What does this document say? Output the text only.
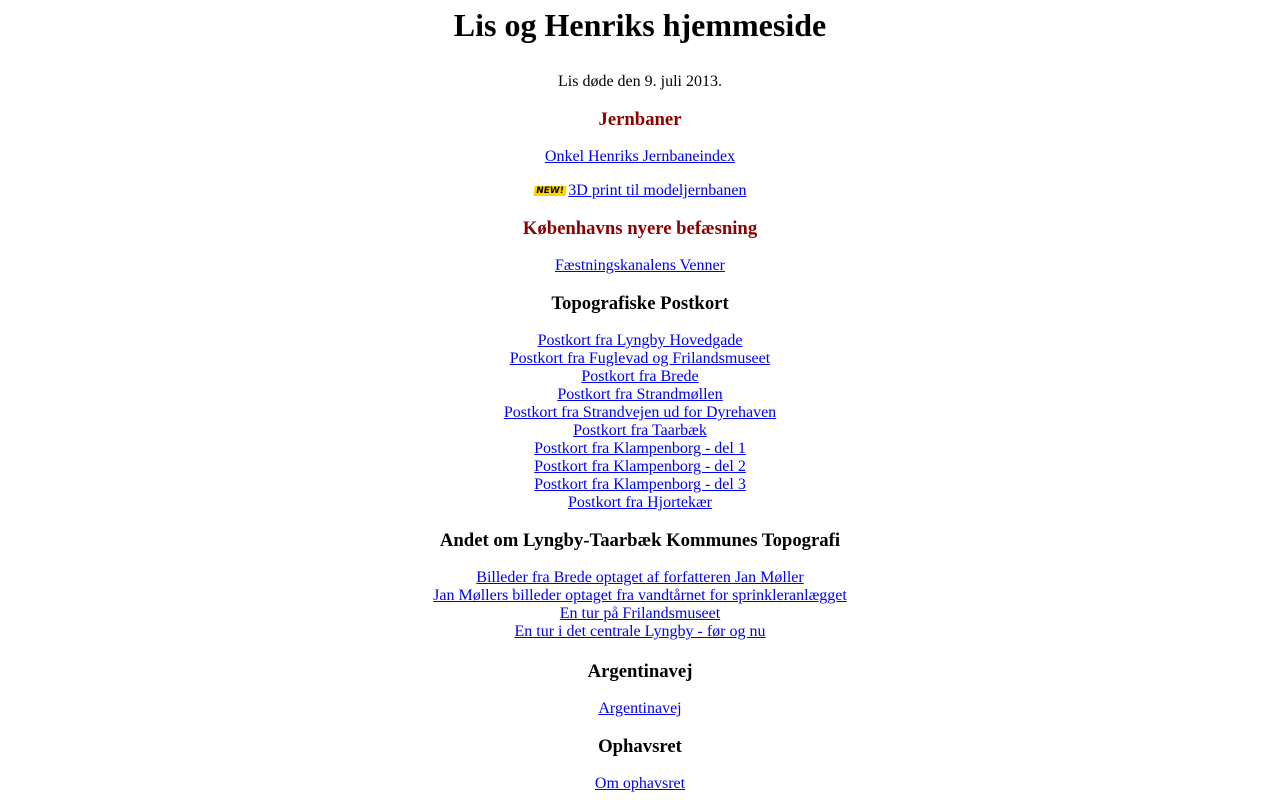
Lis og Henriks hjemmeside

Lis døde den 9. juli 2013.

Jernbaner
Onkel Henriks Jernbaneindex
NEW! 3D print til modeljernbanen
Københavns nyere befæsning
Fæstningskanalens Venner
Topografiske Postkort
Postkort fra Lyngby Hovedgade
Postkort fra Fuglevad og Frilandsmuseet
Postkort fra Brede
Postkort fra Strandmøllen
Postkort fra Strandvejen ud for Dyrehaven
Postkort fra Taarbæk
Postkort fra Klampenborg - del 1
Postkort fra Klampenborg - del 2
Postkort fra Klampenborg - del 3
Postkort fra Hjortekær
Andet om Lyngby-Taarbæk Kommunes Topografi
Billeder fra Brede optaget af forfatteren Jan Møller
Jan Møllers billeder optaget fra vandtårnet for sprinkleranlægget
En tur på Frilandsmuseet
En tur i det centrale Lyngby - før og nu
Argentinavej
Argentinavej
Ophavsret
Om ophavsret
